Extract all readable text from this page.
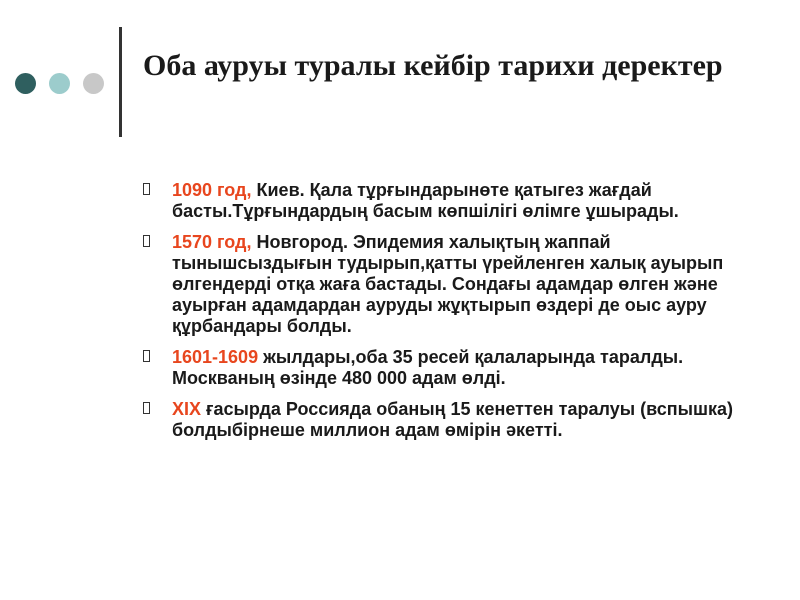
Оба ауруы туралы кейбір тарихи деректер
1090 год, Киев. Қала тұрғындарынөте қатыгез жағдай басты.Тұрғындардың басым көпшілігі өлімге ұшырады.
1570 год, Новгород. Эпидемия халықтың жаппай тынышсыздығын тудырып,қатты үрейленген халық ауырып өлгендерді отқа жаға бастады. Сондағы адамдар өлген және ауырған адамдардан ауруды жұқтырып өздері де оыс ауру құрбандары болды.
1601-1609 жылдары,оба 35 ресей қалаларында таралды. Москваның өзінде 480 000 адам өлді.
XIX ғасырда Россияда обаның 15 кенеттен таралуы (вспышка) болдыбірнеше миллион адам өмірін әкетті.
